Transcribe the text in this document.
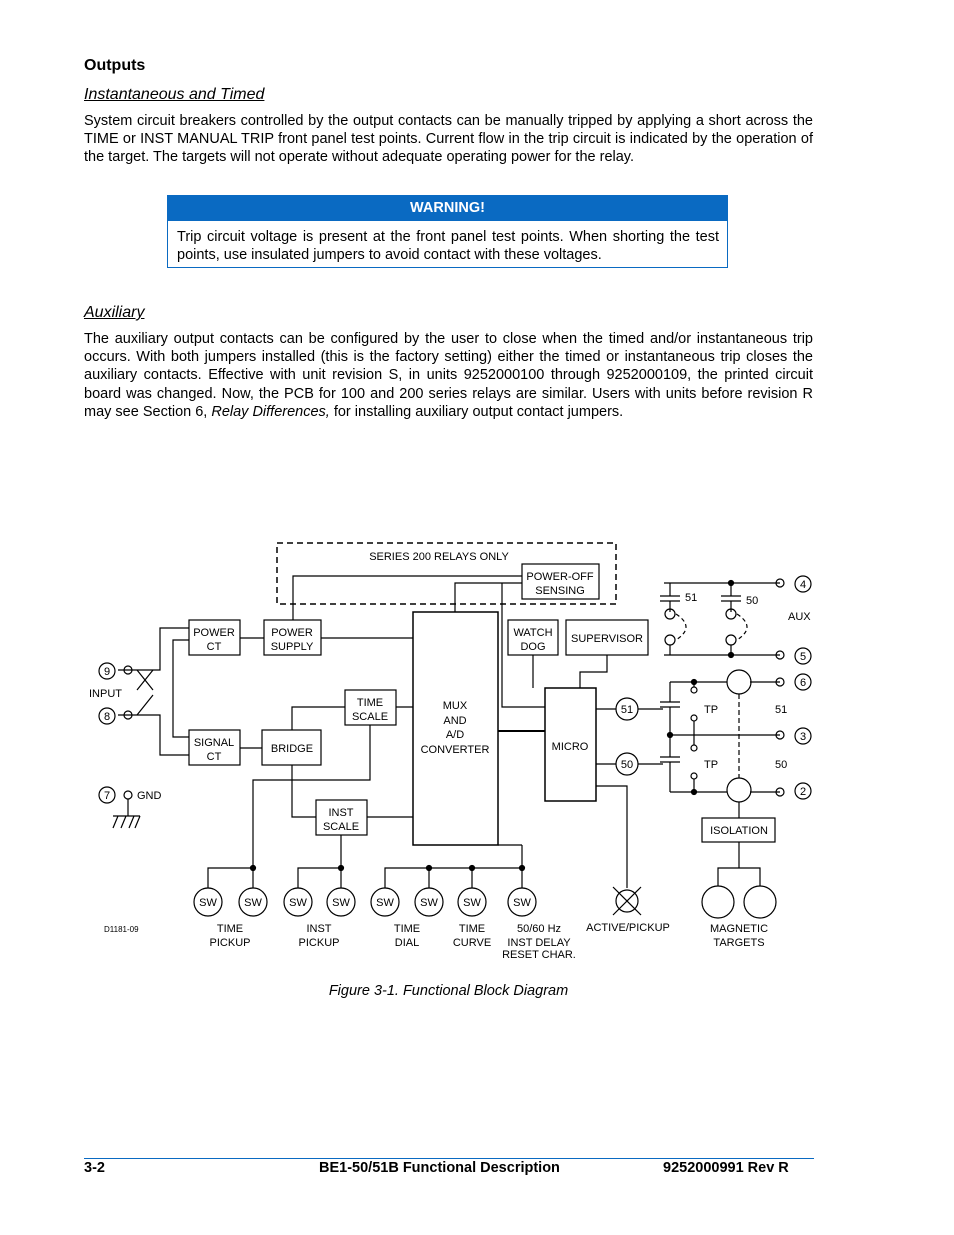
Outputs
Instantaneous and Timed

System circuit breakers controlled by the output contacts can be manually tripped by applying a short across the TIME or INST MANUAL TRIP front panel test points. Current flow in the trip circuit is indicated by the operation of the target. The targets will not operate without adequate operating power for the relay.

WARNING!
Trip circuit voltage is present at the front panel test points. When shorting the test points, use insulated jumpers to avoid contact with these voltages.
Auxiliary

The auxiliary output contacts can be configured by the user to close when the timed and/or instantaneous trip occurs. With both jumpers installed (this is the factory setting) either the timed or instantaneous trip closes the auxiliary contacts. Effective with unit revision S, in units 9252000100 through 9252000109, the printed circuit board was changed. Now, the PCB for 100 and 200 series relays are similar. Users with units before revision R may see Section 6, Relay Differences, for installing auxiliary output contact jumpers.

SERIES 200 RELAYS ONLY
POWER-OFF
SENSING
POWER
CT
POWER
SUPPLY
SIGNAL
CT
BRIDGE
9
8
INPUT
7 GND
TIME
SCALE
INST
SCALE
MUX
AND
A/D
CONVERTER
WATCH
DOG
SUPERVISOR
MICRO
51
50
SW SW SW SW SW SW SW	SW
TIME
PICKUP
INST
PICKUP
TIME
DIAL
TIME
CURVE
50/60 Hz
INST DELAY
RESET CHAR.
ACTIVE/PICKUP	MAGNETIC
TARGETS
D1181-09
51	50
AUX
TP
TP
51
50
4
5
6
3
2
ISOLATION
Figure 3-1. Functional Block Diagram
3-2	BE1-50/51B Functional Description	9252000991 Rev R
